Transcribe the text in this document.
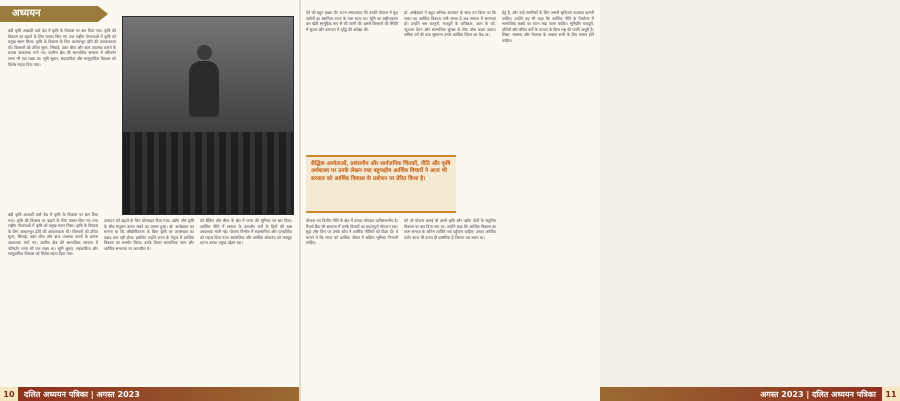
अध्ययन
बड़ी कृषि आबादी वाले देश में कृषि के विकास पर बल दिया गया। कृषि की विकास दर बढ़ाने के लिए प्रयास किए गए तथा राष्ट्रीय योजनाओं में कृषि को प्रमुख स्थान मिला। कृषि के विकास के लिए आधारभूत ढाँचे की आवश्यकता थी। किसानों को उचित मूल्य, सिंचाई, उन्नत बीज और ऋण उपलब्ध कराने के प्रयास आवश्यक माने गए। ग्रामीण क्षेत्र की सामाजिक संरचना में परिवर्तन लाना भी एक लक्ष्य था। भूमि सुधार, सहकारिता और सामुदायिक विकास को विशेष महत्व दिया गया।
बड़ी कृषि आबादी वाले देश में कृषि के विकास पर बल दिया गया। कृषि की विकास दर बढ़ाने के लिए प्रयास किए गए तथा राष्ट्रीय योजनाओं में कृषि को प्रमुख स्थान मिला। कृषि के विकास के लिए आधारभूत ढाँचे की आवश्यकता थी। किसानों को उचित मूल्य, सिंचाई, उन्नत बीज और ऋण उपलब्ध कराने के प्रयास आवश्यक माने गए। ग्रामीण क्षेत्र की सामाजिक संरचना में परिवर्तन लाना भी एक लक्ष्य था। भूमि सुधार, सहकारिता और सामुदायिक विकास को विशेष महत्व दिया गया।
उत्पादन को बढ़ाने के लिए प्रोत्साहन दिया गया। उद्योग और कृषि के बीच संतुलन बनाए रखने का प्रयास हुआ। डॉ. अम्बेडकर का मानना था कि औद्योगीकरण के बिना कृषि पर जनसंख्या का दबाव कम नहीं होगा। इसलिए उन्होंने राज्य के नेतृत्व में आर्थिक विकास का समर्थन किया। उनके विचार सामाजिक न्याय और आर्थिक समानता पर आधारित थे।
को बैंकिंग और बीमा के क्षेत्र में राज्य की भूमिका पर बल दिया। आर्थिक नीति में समाज के कमजोर वर्गों के हितों की रक्षा आवश्यक मानी गई। योजना निर्माण में सहभागिता और पारदर्शिता को महत्व दिया गया। सामाजिक और आर्थिक लोकतंत्र को मजबूत करना उनका प्रमुख उद्देश्य रहा।
10	दलित अध्ययन पत्रिका | अगस्त 2023
देने की बहुत इच्छा थी। राज्य समाजवाद की उनकी योजना में मूल उद्योगों का स्वामित्व राज्य के पास रहना था। भूमि का राष्ट्रीयकरण कर खेती सामूहिक रूप से की जानी थी। इससे किसानों की स्थिति में सुधार और उत्पादन में वृद्धि की अपेक्षा थी।
डॉ. अम्बेडकर ने बहुत अधिक अध्ययन के साथ तय किया था कि भारत का आर्थिक विकास तभी संभव है जब समाज में समानता हो। उन्होंने श्रम कानूनों, मजदूरों के अधिकार, काम के घंटे, न्यूनतम वेतन और सामाजिक सुरक्षा के लिए ठोस कदम उठाए। श्रमिक वर्ग की दशा सुधारना उनके आर्थिक चिंतन का केंद्र था।
हेतु है, और उन्हें नागरिकों के लिए जरूरी सुविधाएं उपलब्ध करानी चाहिए। उन्होंने यह भी कहा कि आर्थिक नीति के निर्धारण में सामाजिक लक्ष्यों का ध्यान रखा जाना चाहिए। भूमिहीन मजदूरों, दलितों और वंचित वर्गों के उत्थान के बिना राष्ट्र की प्रगति अधूरी है। शिक्षा, स्वास्थ्य और रोजगार के अवसर सभी के लिए समान होने चाहिए।
सैद्धिक अध्येताओं, प्रशंसनीय और सार्वजनिक चिंतकों, नीति और कृषि अर्थशास्त्र पर उनके लेखन तथा बहुपक्षीय आर्थिक विचारों ने आज भी सरकार को आर्थिक विकास के प्रबोधन पर प्रेरित किया है।
योजना एवं वित्तीय नीति के क्षेत्र में उनका योगदान अविस्मरणीय है। रिजर्व बैंक की स्थापना में उनके विचारों का महत्वपूर्ण योगदान रहा। मुद्रा और वित्त पर उनके शोध ने आर्थिक नीतियों को दिशा दी। वे मानते थे कि राज्य को आर्थिक जीवन में सक्रिय भूमिका निभानी चाहिए।
को जो योजना बनाई थी उसमें कृषि और उद्योग दोनों के संतुलित विकास पर बल दिया गया था। उन्होंने कहा कि आर्थिक विकास का लाभ समाज के अंतिम व्यक्ति तक पहुँचना चाहिए। उनका आर्थिक दर्शन आज भी उतना ही प्रासंगिक है जितना उस समय था।
अगस्त 2023 | दलित अध्ययन पत्रिका	11
